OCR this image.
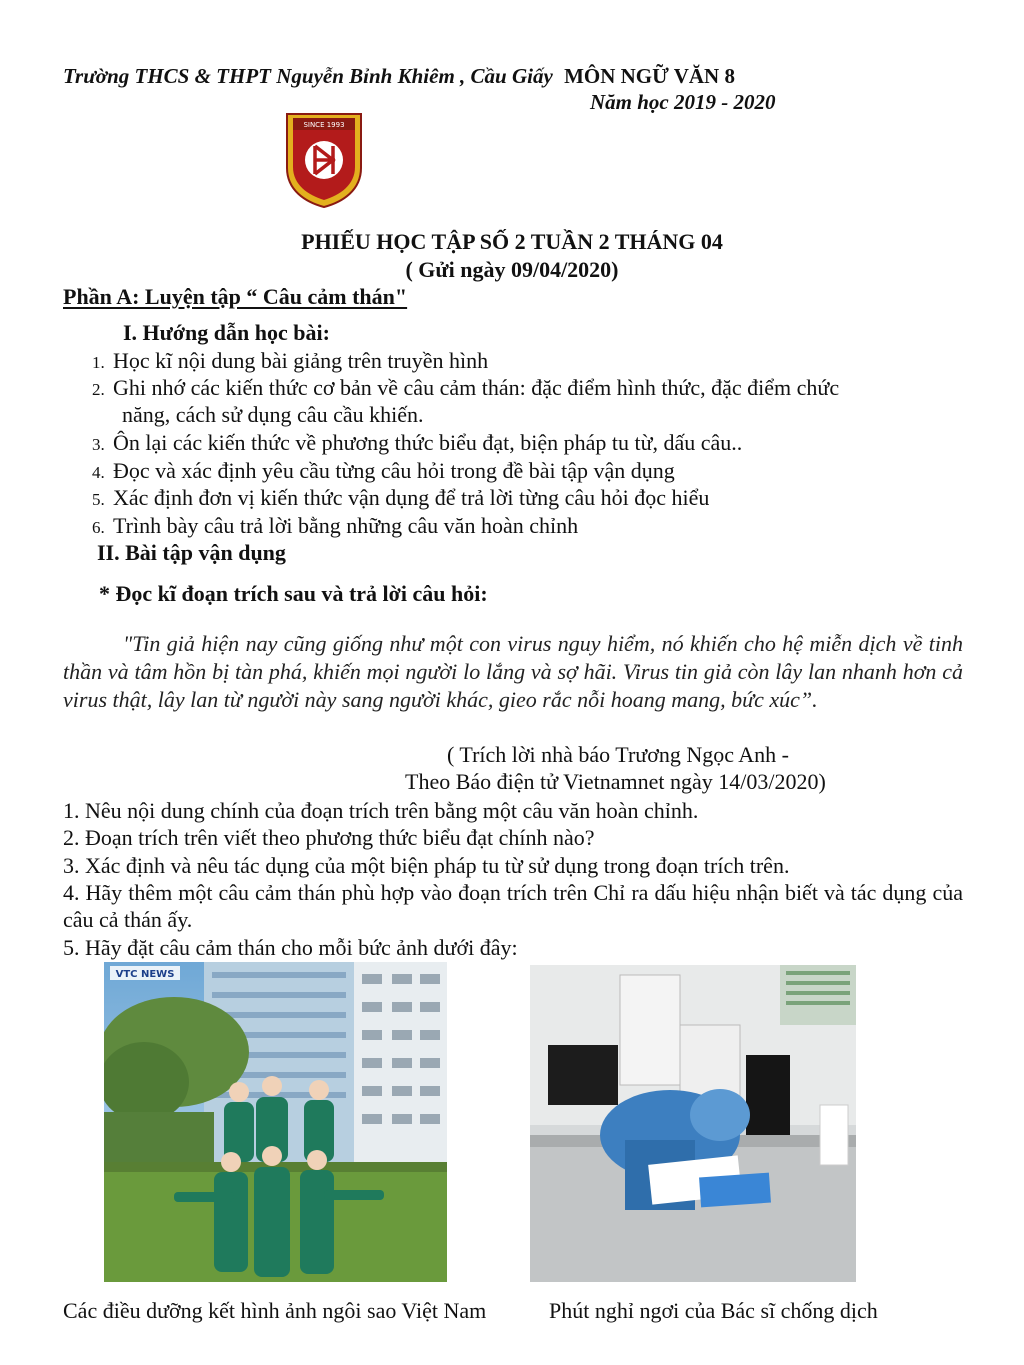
Trường THCS & THPT Nguyễn Bỉnh Khiêm , Cầu Giấy MÔN NGỮ VĂN 8
Năm học 2019 - 2020
SINCE 1993
PHIẾU HỌC TẬP SỐ 2 TUẦN 2 THÁNG 04
( Gửi ngày 09/04/2020)
Phần A: Luyện tập “ Câu cảm thán"
I. Hướng dẫn học bài:
1. Học kĩ nội dung bài giảng trên truyền hình
2. Ghi nhớ các kiến thức cơ bản về câu cảm thán: đặc điểm hình thức, đặc điểm chức
năng, cách sử dụng câu cầu khiến.
3. Ôn lại các kiến thức về phương thức biểu đạt, biện pháp tu từ, dấu câu..
4. Đọc và xác định yêu cầu từng câu hỏi trong đề bài tập vận dụng
5. Xác định đơn vị kiến thức vận dụng để trả lời từng câu hỏi đọc hiểu
6. Trình bày câu trả lời bằng những câu văn hoàn chỉnh
II. Bài tập vận dụng
* Đọc kĩ đoạn trích sau và trả lời câu hỏi:
"Tin giả hiện nay cũng giống như một con virus nguy hiểm, nó khiến cho hệ miễn dịch về tinh thần và tâm hồn bị tàn phá, khiến mọi người lo lắng và sợ hãi. Virus tin giả còn lây lan nhanh hơn cả virus thật, lây lan từ người này sang người khác, gieo rắc nỗi hoang mang, bức xúc”.
( Trích lời nhà báo Trương Ngọc Anh -
Theo Báo điện tử Vietnamnet ngày 14/03/2020)
1. Nêu nội dung chính của đoạn trích trên bằng một câu văn hoàn chỉnh.
2. Đoạn trích trên viết theo phương thức biểu đạt chính nào?
3. Xác định và nêu tác dụng của một biện pháp tu từ sử dụng trong đoạn trích trên.
4. Hãy thêm một câu cảm thán phù hợp vào đoạn trích trên Chỉ ra dấu hiệu nhận biết và tác dụng của câu cả thán ấy.
5. Hãy đặt câu cảm thán cho mỗi bức ảnh dưới đây:
VTC NEWS
Các điều dưỡng kết hình ảnh ngôi sao Việt Nam	Phút nghỉ ngơi của Bác sĩ chống dịch
